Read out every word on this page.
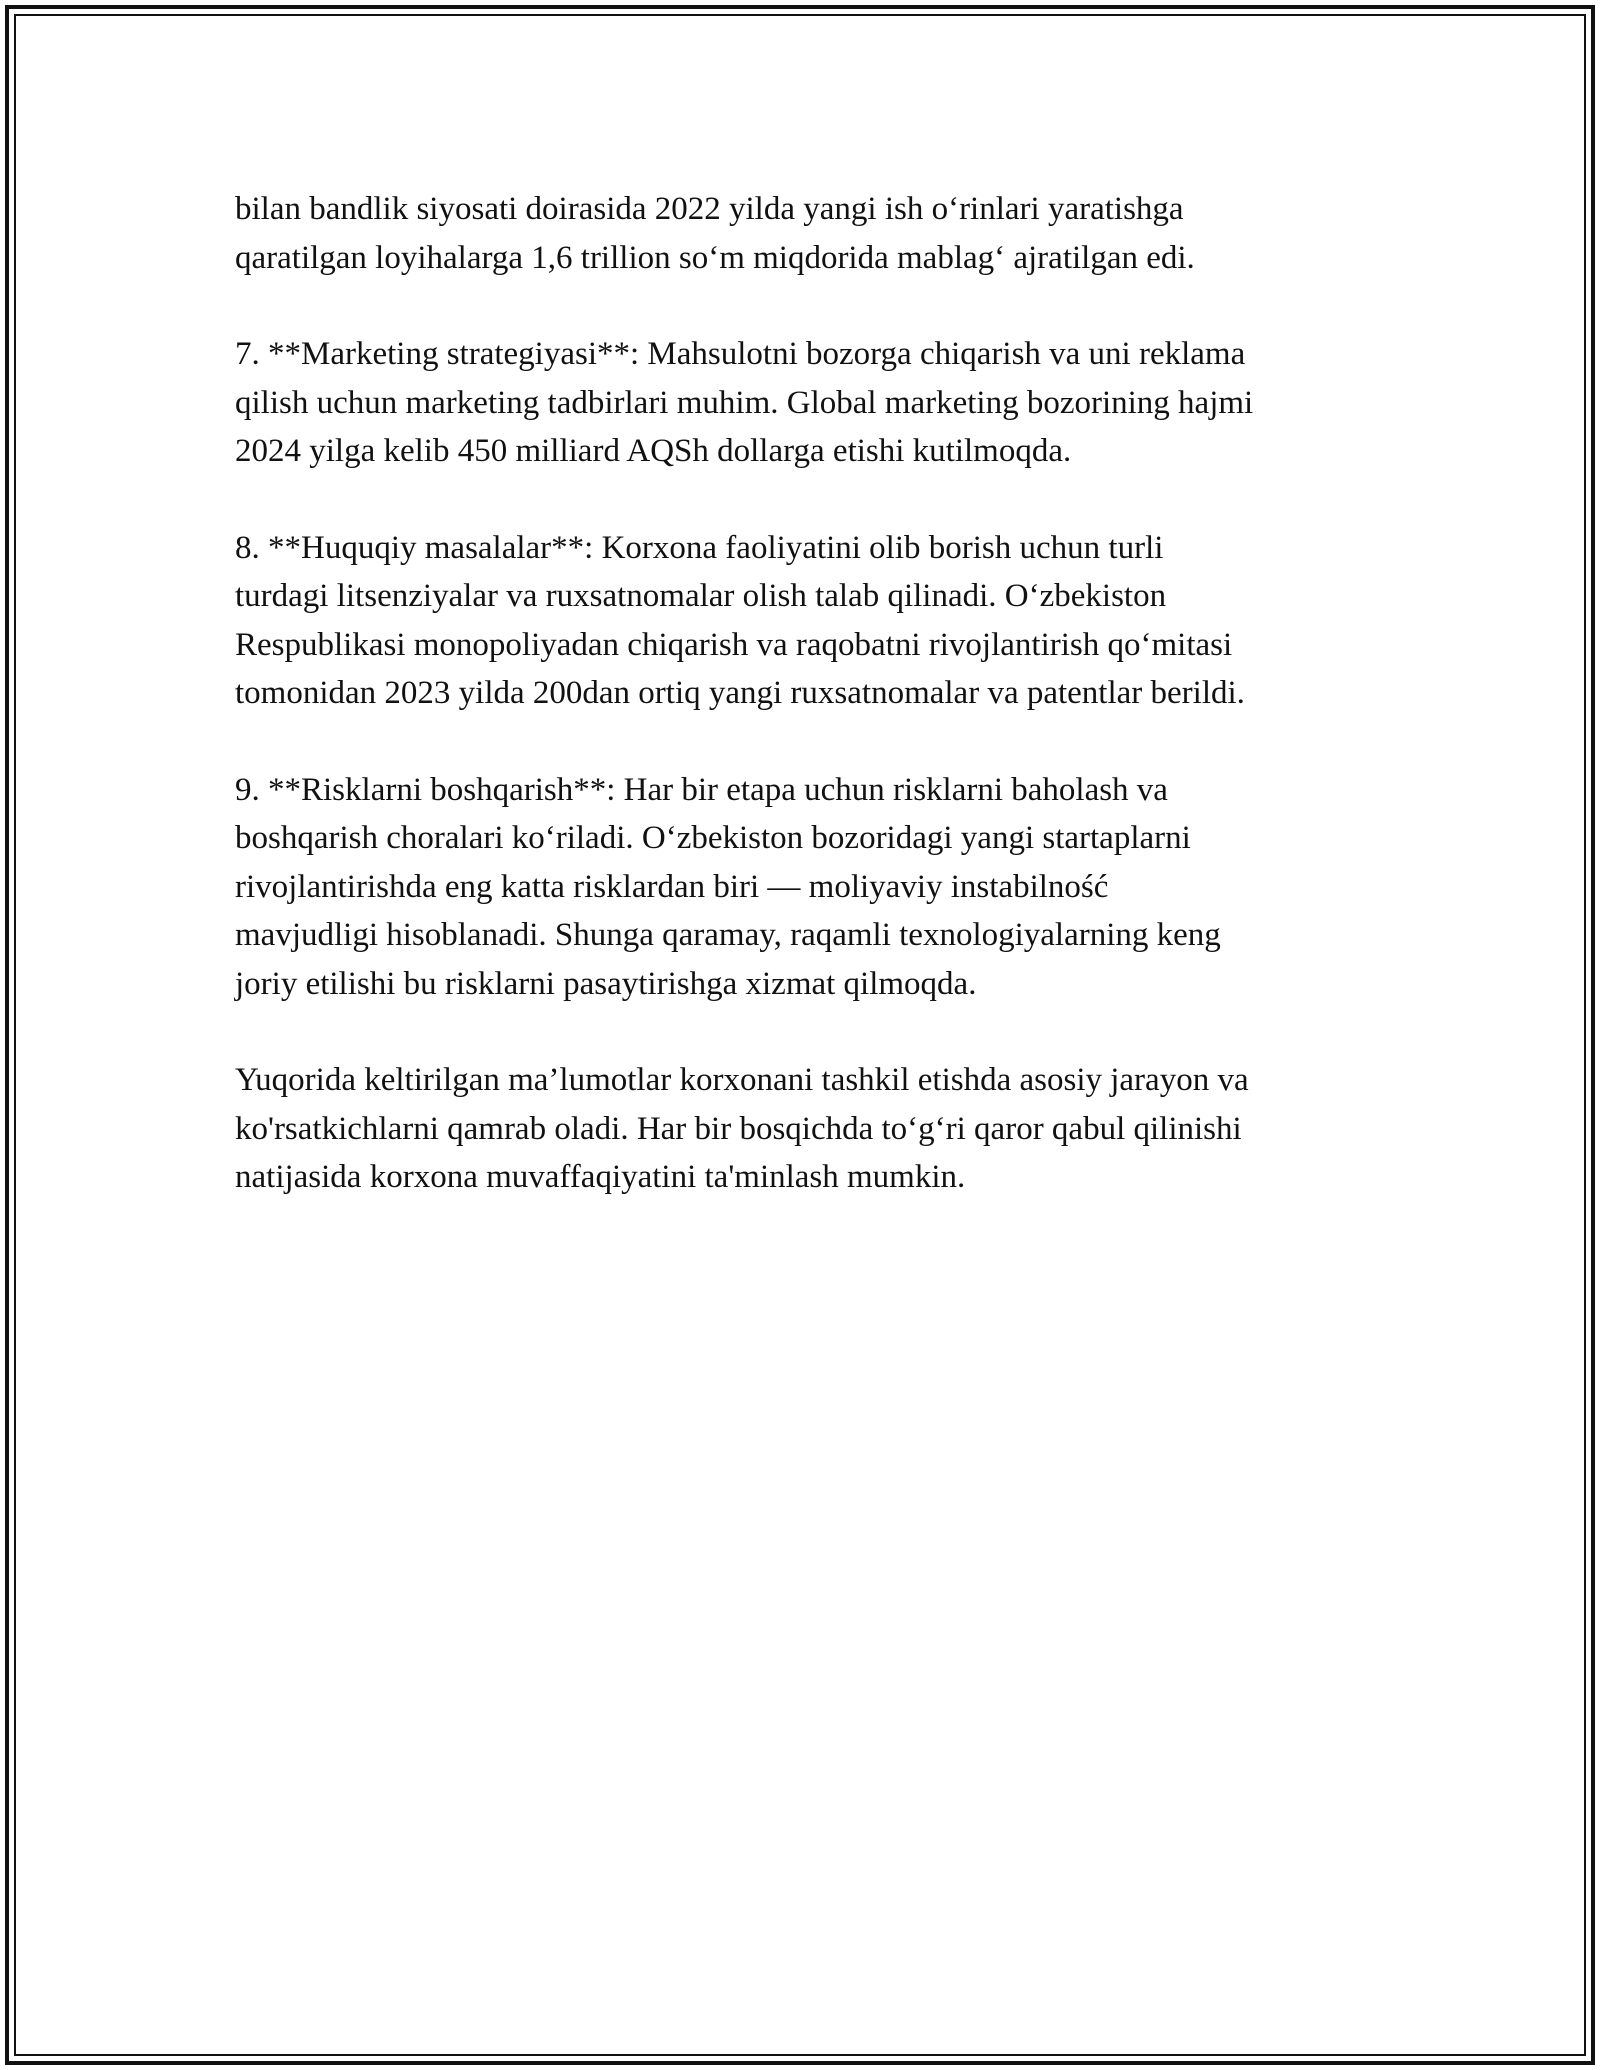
bilan bandlik siyosati doirasida 2022 yilda yangi ish o‘rinlari yaratishga
qaratilgan loyihalarga 1,6 trillion so‘m miqdorida mablag‘ ajratilgan edi.

7. **Marketing strategiyasi**: Mahsulotni bozorga chiqarish va uni reklama
qilish uchun marketing tadbirlari muhim. Global marketing bozorining hajmi
2024 yilga kelib 450 milliard AQSh dollarga etishi kutilmoqda.

8. **Huquqiy masalalar**: Korxona faoliyatini olib borish uchun turli
turdagi litsenziyalar va ruxsatnomalar olish talab qilinadi. O‘zbekiston
Respublikasi monopoliyadan chiqarish va raqobatni rivojlantirish qo‘mitasi
tomonidan 2023 yilda 200dan ortiq yangi ruxsatnomalar va patentlar berildi.

9. **Risklarni boshqarish**: Har bir etapa uchun risklarni baholash va
boshqarish choralari ko‘riladi. O‘zbekiston bozoridagi yangi startaplarni
rivojlantirishda eng katta risklardan biri — moliyaviy instabilność
mavjudligi hisoblanadi. Shunga qaramay, raqamli texnologiyalarning keng
joriy etilishi bu risklarni pasaytirishga xizmat qilmoqda.

Yuqorida keltirilgan ma’lumotlar korxonani tashkil etishda asosiy jarayon va
ko'rsatkichlarni qamrab oladi. Har bir bosqichda to‘g‘ri qaror qabul qilinishi
natijasida korxona muvaffaqiyatini ta'minlash mumkin.
